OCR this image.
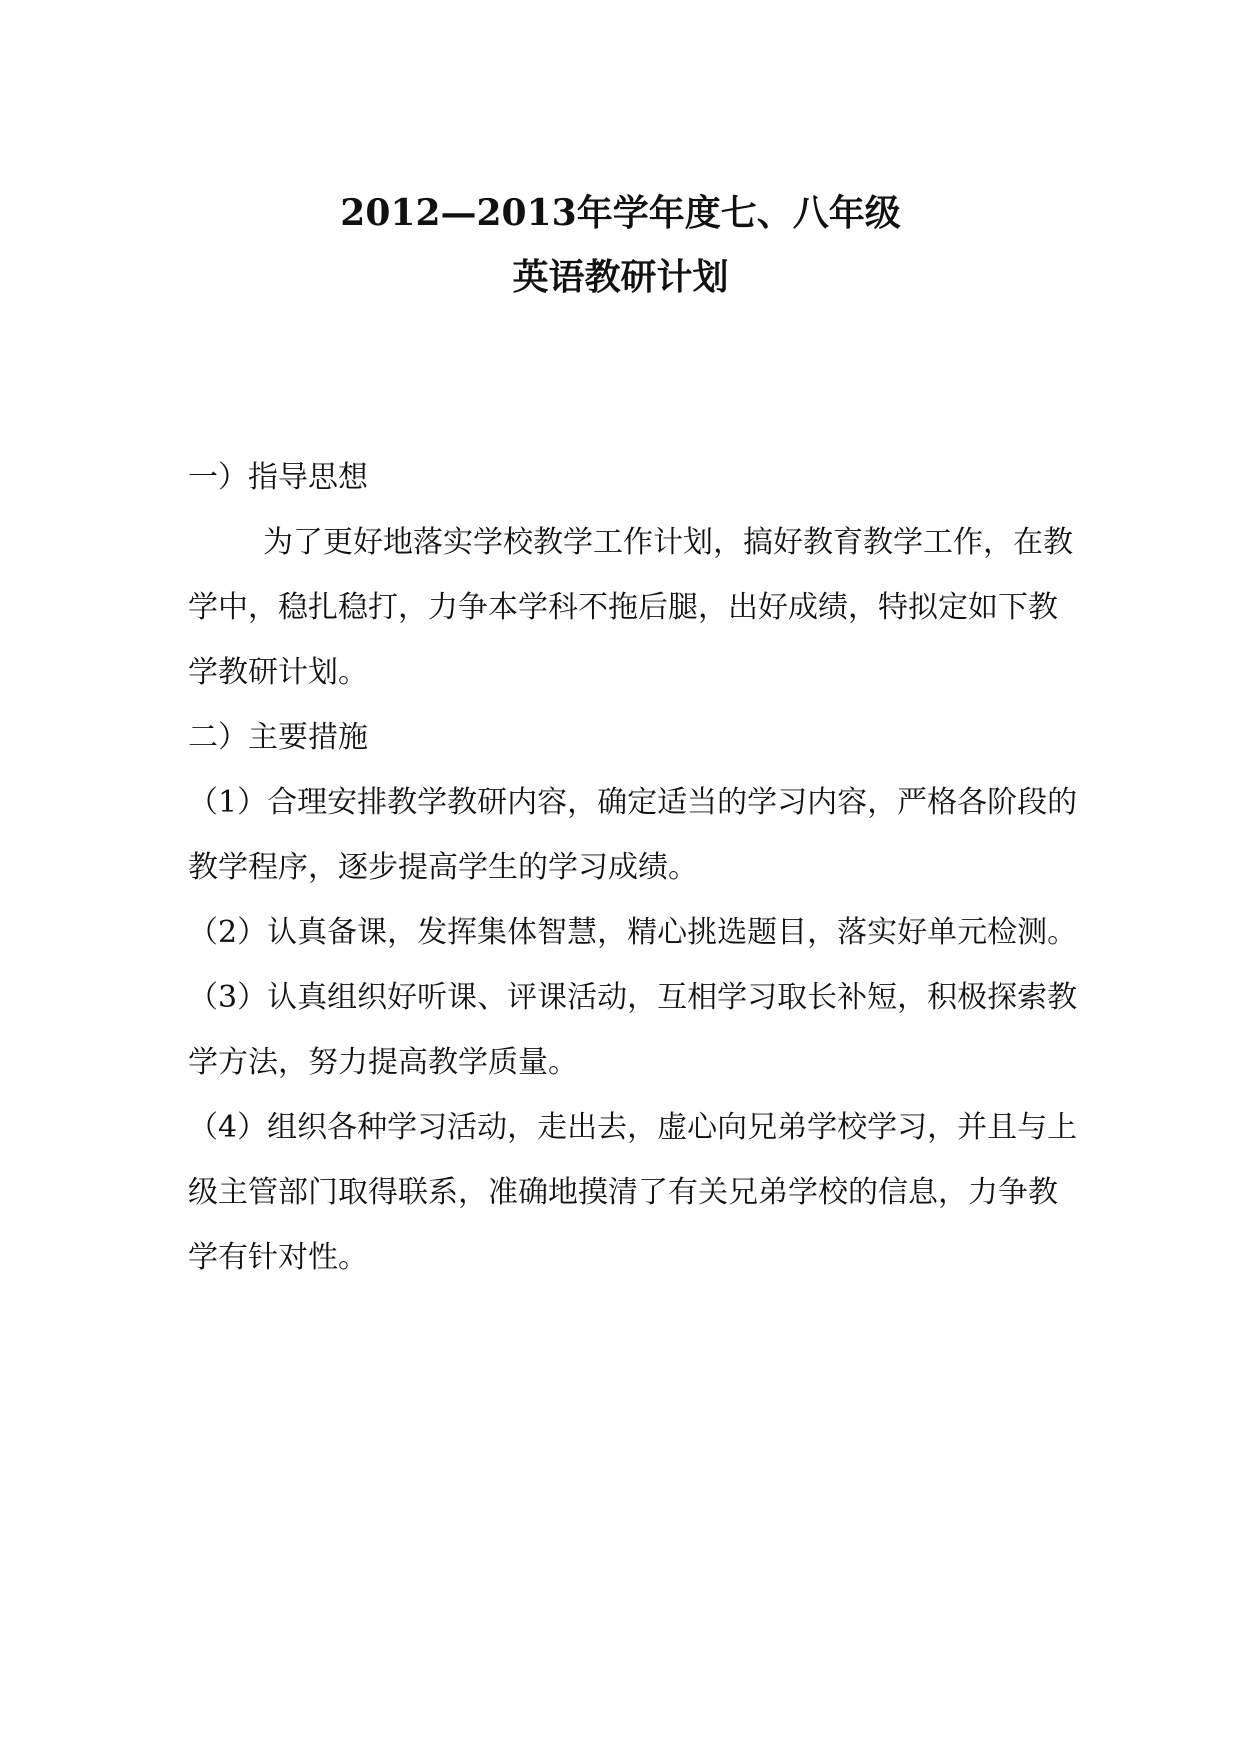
2012—2013年学年度七、八年级
英语教研计划

一）指导思想

为了更好地落实学校教学工作计划，搞好教育教学工作，在教学中，稳扎稳打，力争本学科不拖后腿，出好成绩，特拟定如下教学教研计划。

二）主要措施

（1）合理安排教学教研内容，确定适当的学习内容，严格各阶段的教学程序，逐步提高学生的学习成绩。

（2）认真备课，发挥集体智慧，精心挑选题目，落实好单元检测。

（3）认真组织好听课、评课活动，互相学习取长补短，积极探索教学方法，努力提高教学质量。

（4）组织各种学习活动，走出去，虚心向兄弟学校学习，并且与上级主管部门取得联系，准确地摸清了有关兄弟学校的信息，力争教学有针对性。
